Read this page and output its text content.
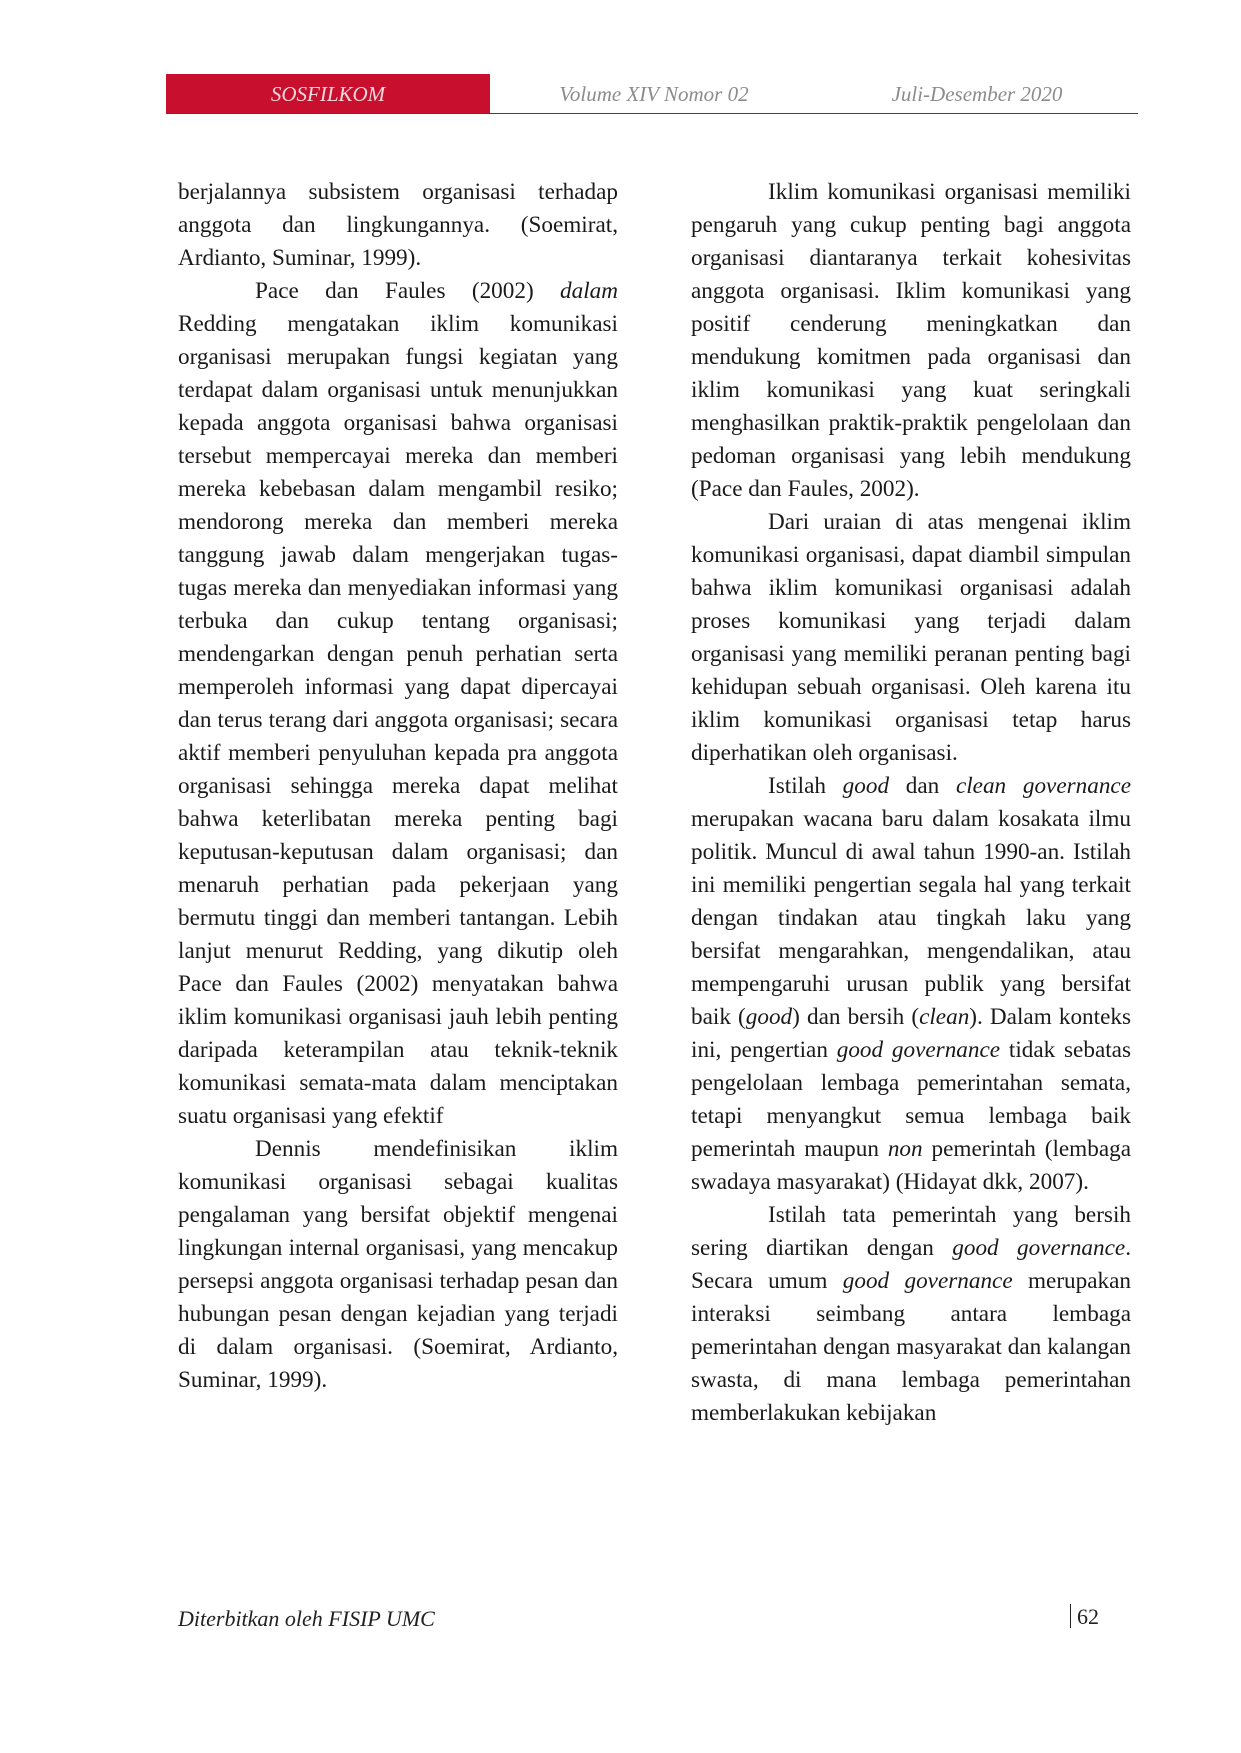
SOSFILKOM	Volume XIV Nomor 02	Juli-Desember 2020

berjalannya subsistem organisasi terhadap anggota dan lingkungannya. (Soemirat, Ardianto, Suminar, 1999).

Pace dan Faules (2002) dalam Redding mengatakan iklim komunikasi organisasi merupakan fungsi kegiatan yang terdapat dalam organisasi untuk menunjukkan kepada anggota organisasi bahwa organisasi tersebut mempercayai mereka dan memberi mereka kebebasan dalam mengambil resiko; mendorong mereka dan memberi mereka tanggung jawab dalam mengerjakan tugas-tugas mereka dan menyediakan informasi yang terbuka dan cukup tentang organisasi; mendengarkan dengan penuh perhatian serta memperoleh informasi yang dapat dipercayai dan terus terang dari anggota organisasi; secara aktif memberi penyuluhan kepada pra anggota organisasi sehingga mereka dapat melihat bahwa keterlibatan mereka penting bagi keputusan-keputusan dalam organisasi; dan menaruh perhatian pada pekerjaan yang bermutu tinggi dan memberi tantangan. Lebih lanjut menurut Redding, yang dikutip oleh Pace dan Faules (2002) menyatakan bahwa iklim komunikasi organisasi jauh lebih penting daripada keterampilan atau teknik-teknik komunikasi semata-mata dalam menciptakan suatu organisasi yang efektif

Dennis mendefinisikan iklim komunikasi organisasi sebagai kualitas pengalaman yang bersifat objektif mengenai lingkungan internal organisasi, yang mencakup persepsi anggota organisasi terhadap pesan dan hubungan pesan dengan kejadian yang terjadi di dalam organisasi. (Soemirat, Ardianto, Suminar, 1999).

Iklim komunikasi organisasi memiliki pengaruh yang cukup penting bagi anggota organisasi diantaranya terkait kohesivitas anggota organisasi. Iklim komunikasi yang positif cenderung meningkatkan dan mendukung komitmen pada organisasi dan iklim komunikasi yang kuat seringkali menghasilkan praktik-praktik pengelolaan dan pedoman organisasi yang lebih mendukung (Pace dan Faules, 2002).

Dari uraian di atas mengenai iklim komunikasi organisasi, dapat diambil simpulan bahwa iklim komunikasi organisasi adalah proses komunikasi yang terjadi dalam organisasi yang memiliki peranan penting bagi kehidupan sebuah organisasi. Oleh karena itu iklim komunikasi organisasi tetap harus diperhatikan oleh organisasi.

Istilah good dan clean governance merupakan wacana baru dalam kosakata ilmu politik. Muncul di awal tahun 1990-an. Istilah ini memiliki pengertian segala hal yang terkait dengan tindakan atau tingkah laku yang bersifat mengarahkan, mengendalikan, atau mempengaruhi urusan publik yang bersifat baik (good) dan bersih (clean). Dalam konteks ini, pengertian good governance tidak sebatas pengelolaan lembaga pemerintahan semata, tetapi menyangkut semua lembaga baik pemerintah maupun non pemerintah (lembaga swadaya masyarakat) (Hidayat dkk, 2007).

Istilah tata pemerintah yang bersih sering diartikan dengan good governance. Secara umum good governance merupakan interaksi seimbang antara lembaga pemerintahan dengan masyarakat dan kalangan swasta, di mana lembaga pemerintahan memberlakukan kebijakan

Diterbitkan oleh FISIP UMC	62
